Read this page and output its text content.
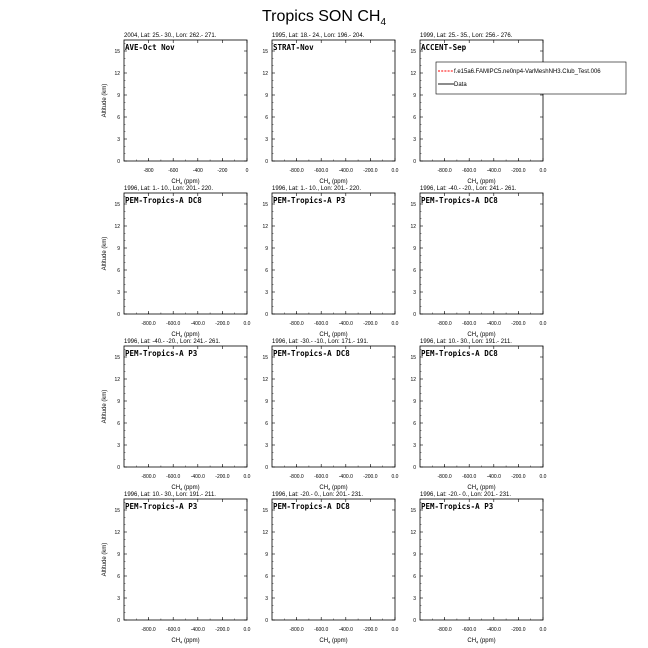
Tropics SON $CH_4$
2004, Lat: 25.- 30., Lon: 262.- 271.
AVE-Oct Nov
-800	-600	-400	-200	0
0
3
6
9
12
15
$CH_4$ (ppm)
Altitude (km)
1995, Lat: 18.- 24., Lon: 196.- 204.
STRAT-Nov
-800.0 -600.0 -400.0 -200.0	0.0
0
3
6
9
12
15
$CH_4$ (ppm)
1999, Lat: 25.- 35., Lon: 256.- 276.
ACCENT-Sep
-800.0 -600.0 -400.0 -200.0	0.0
0
3
6
9
12
15
$CH_4$ (ppm)
f.e15a6.FAMIPC5.ne0np4-VarMeshNH3.Club_Test.006
Data
1996, Lat: 1.- 10., Lon: 201.- 220.
PEM-Tropics-A DC8
-800.0 -600.0 -400.0 -200.0	0.0
0
3
6
9
12
15
$CH_4$ (ppm)
Altitude (km)
1996, Lat: 1.- 10., Lon: 201.- 220.
PEM-Tropics-A P3
-800.0 -600.0 -400.0 -200.0	0.0
0
3
6
9
12
15
$CH_4$ (ppm)
1996, Lat: -40.- -20., Lon: 241.- 261.
PEM-Tropics-A DC8
-800.0 -600.0 -400.0 -200.0	0.0
0
3
6
9
12
15
$CH_4$ (ppm)
1996, Lat: -40.- -20., Lon: 241.- 261.
PEM-Tropics-A P3
-800.0 -600.0 -400.0 -200.0	0.0
0
3
6
9
12
15
$CH_4$ (ppm)
Altitude (km)
1996, Lat: -30.- -10., Lon: 171.- 191.
PEM-Tropics-A DC8
-800.0 -600.0 -400.0 -200.0	0.0
0
3
6
9
12
15
$CH_4$ (ppm)
1996, Lat: 10.- 30., Lon: 191.- 211.
PEM-Tropics-A DC8
-800.0 -600.0 -400.0 -200.0	0.0
0
3
6
9
12
15
$CH_4$ (ppm)
1996, Lat: 10.- 30., Lon: 191.- 211.
PEM-Tropics-A P3
-800.0 -600.0 -400.0 -200.0	0.0
0
3
6
9
12
15
$CH_4$ (ppm)
Altitude (km)
1996, Lat: -20.- 0., Lon: 201.- 231.
PEM-Tropics-A DC8
-800.0 -600.0 -400.0 -200.0	0.0
0
3
6
9
12
15
$CH_4$ (ppm)
1996, Lat: -20.- 0., Lon: 201.- 231.
PEM-Tropics-A P3
-800.0 -600.0 -400.0 -200.0	0.0
0
3
6
9
12
15
$CH_4$ (ppm)
